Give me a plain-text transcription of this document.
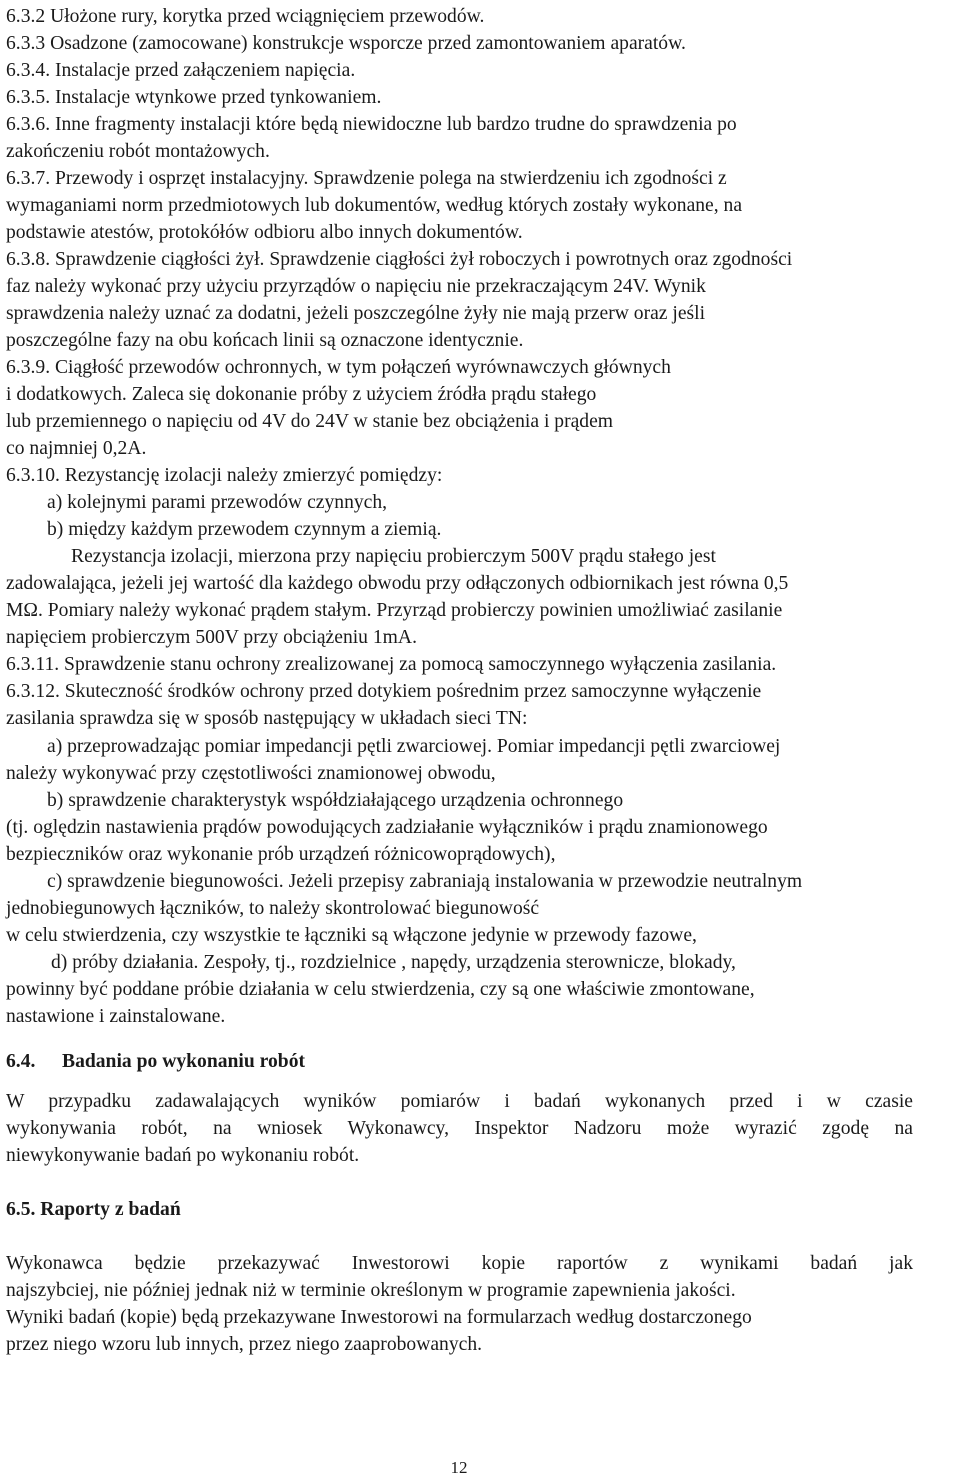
6.3.2 Ułożone rury, korytka przed wciągnięciem przewodów.

6.3.3 Osadzone (zamocowane) konstrukcje wsporcze przed zamontowaniem aparatów.

6.3.4. Instalacje przed załączeniem napięcia.

6.3.5. Instalacje wtynkowe przed tynkowaniem.

6.3.6. Inne fragmenty instalacji które będą niewidoczne lub bardzo trudne do sprawdzenia po

zakończeniu robót montażowych.

6.3.7. Przewody i osprzęt instalacyjny. Sprawdzenie polega na stwierdzeniu ich zgodności z

wymaganiami norm przedmiotowych lub dokumentów, według których zostały wykonane, na

podstawie atestów, protokółów odbioru albo innych dokumentów.

6.3.8. Sprawdzenie ciągłości żył. Sprawdzenie ciągłości żył roboczych i powrotnych oraz zgodności

faz należy wykonać przy użyciu przyrządów o napięciu nie przekraczającym 24V. Wynik

sprawdzenia należy uznać za dodatni, jeżeli poszczególne żyły nie mają przerw oraz jeśli

poszczególne fazy na obu końcach linii są oznaczone identycznie.

6.3.9. Ciągłość przewodów ochronnych, w tym połączeń wyrównawczych głównych

i dodatkowych. Zaleca się dokonanie próby z użyciem źródła prądu stałego

lub przemiennego o napięciu od 4V do 24V w stanie bez obciążenia i prądem

co najmniej 0,2A.

6.3.10. Rezystancję izolacji należy zmierzyć pomiędzy:

a) kolejnymi parami przewodów czynnych,

b) między każdym przewodem czynnym a ziemią.

Rezystancja izolacji, mierzona przy napięciu probierczym 500V prądu stałego jest

zadowalająca, jeżeli jej wartość dla każdego obwodu przy odłączonych odbiornikach jest równa 0,5

MΩ. Pomiary należy wykonać prądem stałym. Przyrząd probierczy powinien umożliwiać zasilanie

napięciem probierczym 500V przy obciążeniu 1mA.

6.3.11. Sprawdzenie stanu ochrony zrealizowanej za pomocą samoczynnego wyłączenia zasilania.

6.3.12. Skuteczność środków ochrony przed dotykiem pośrednim przez samoczynne wyłączenie

zasilania sprawdza się w sposób następujący w układach sieci TN:

a) przeprowadzając pomiar impedancji pętli zwarciowej. Pomiar impedancji pętli zwarciowej

należy wykonywać przy częstotliwości znamionowej obwodu,

b) sprawdzenie charakterystyk współdziałającego urządzenia ochronnego

(tj. oględzin nastawienia prądów powodujących zadziałanie wyłączników i prądu znamionowego

bezpieczników oraz wykonanie prób urządzeń różnicowoprądowych),

c) sprawdzenie biegunowości. Jeżeli przepisy zabraniają instalowania w przewodzie neutralnym

jednobiegunowych łączników, to należy skontrolować biegunowość

w celu stwierdzenia, czy wszystkie te łączniki są włączone jedynie w przewody fazowe,

d) próby działania. Zespoły, tj., rozdzielnice , napędy, urządzenia sterownicze, blokady,

powinny być poddane próbie działania w celu stwierdzenia, czy są one właściwie zmontowane,

nastawione i zainstalowane.

6.4. Badania po wykonaniu robót

W przypadku zadawalających wyników pomiarów i badań wykonanych przed i w czasie

wykonywania robót, na wniosek Wykonawcy, Inspektor Nadzoru może wyrazić zgodę na

niewykonywanie badań po wykonaniu robót.

6.5. Raporty z badań

Wykonawca będzie przekazywać Inwestorowi kopie raportów z wynikami badań jak

najszybciej, nie później jednak niż w terminie określonym w programie zapewnienia jakości.

Wyniki badań (kopie) będą przekazywane Inwestorowi na formularzach według dostarczonego

przez niego wzoru lub innych, przez niego zaaprobowanych.

12
